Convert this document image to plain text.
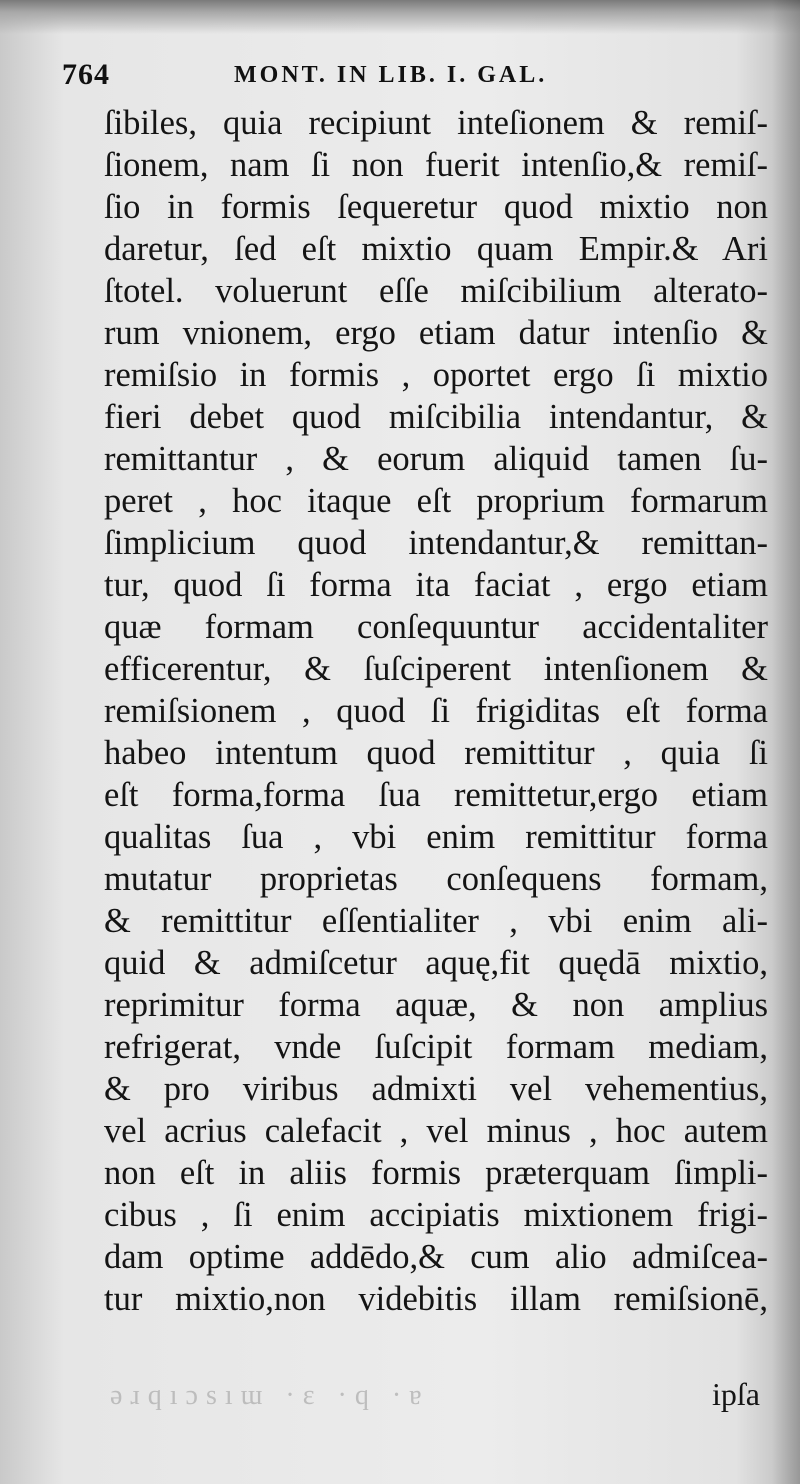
764	MONT. IN LIB. I. GAL.
ſibiles, quia recipiunt inteſionem & remiſ-
ſionem, nam ſi non fuerit intenſio,& remiſ-
ſio in formis ſequeretur quod mixtio non
daretur, ſed eſt mixtio quam Empir.& Ari
ſtotel. voluerunt eſſe miſcibilium alterato-
rum vnionem, ergo etiam datur intenſio &
remiſsio in formis , oportet ergo ſi mixtio
fieri debet quod miſcibilia intendantur, &
remittantur , & eorum aliquid tamen ſu-
peret , hoc itaque eſt proprium formarum
ſimplicium quod intendantur,& remittan-
tur, quod ſi forma ita faciat , ergo etiam
quæ formam conſequuntur accidentaliter
efficerentur, & ſuſciperent intenſionem &
remiſsionem , quod ſi frigiditas eſt forma
habeo intentum quod remittitur , quia ſi
eſt forma,forma ſua remittetur,ergo etiam
qualitas ſua , vbi enim remittitur forma
mutatur proprietas conſequens formam,
& remittitur eſſentialiter , vbi enim ali-
quid & admiſcetur aquę,fit quędā mixtio,
reprimitur forma aquæ, & non amplius
refrigerat, vnde ſuſcipit formam mediam,
& pro viribus admixti vel vehementius,
vel acrius calefacit , vel minus , hoc autem
non eſt in aliis formis præterquam ſimpli-
cibus , ſi enim accipiatis mixtionem frigi-
dam optime addēdo,& cum alio admiſcea-
tur mixtio,non videbitis illam remiſsionē,
ǝɹqıɔsıɯ ·ɛ ·q ·ɐ	ipſa
